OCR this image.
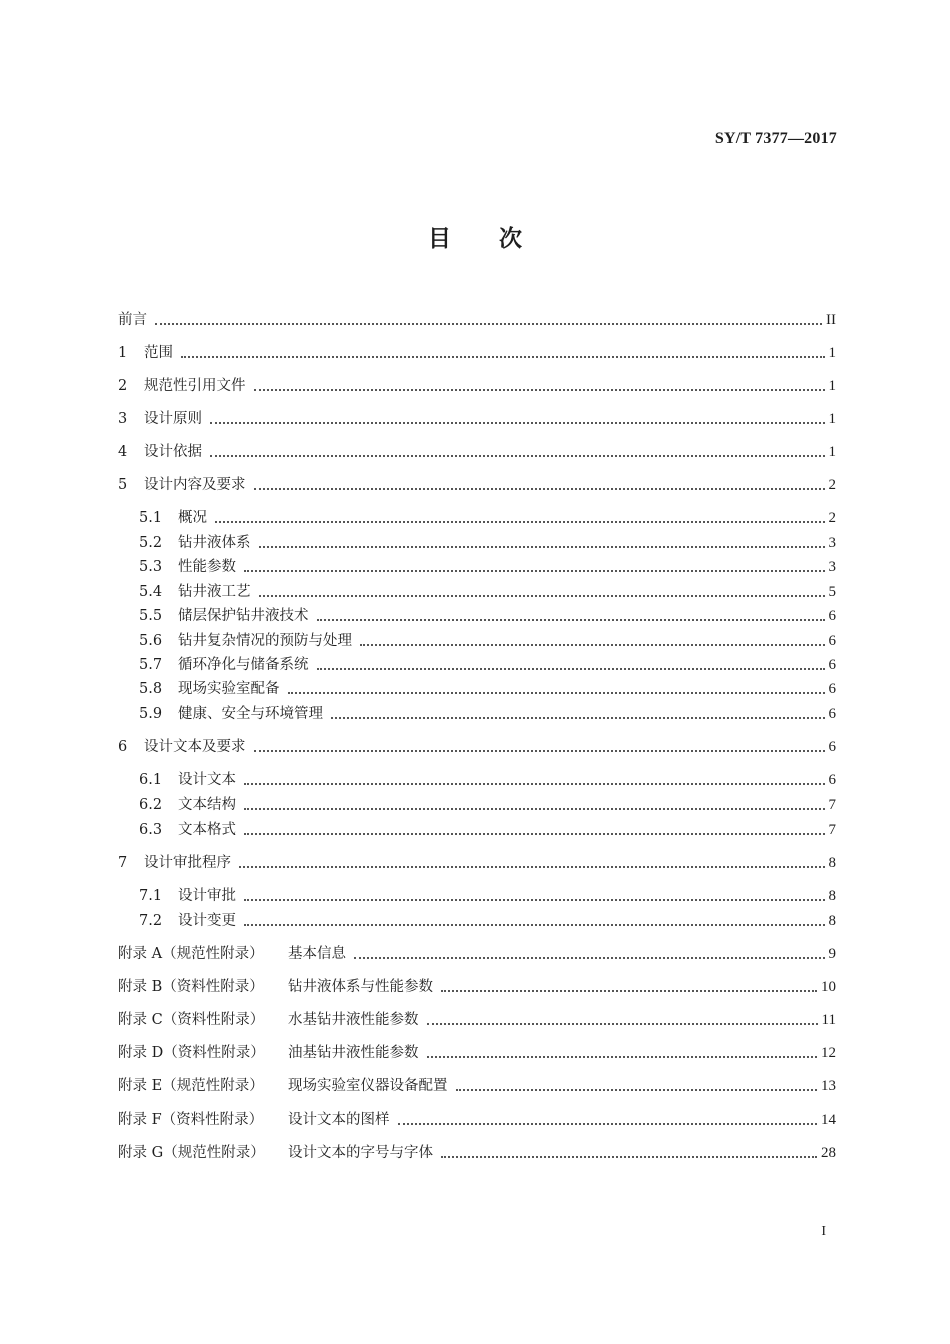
SY/T 7377—2017
目 次
前言	II
1	范围	1
2	规范性引用文件	1
3	设计原则	1
4	设计依据	1
5	设计内容及要求	2
5.1	概况	2
5.2	钻井液体系	3
5.3	性能参数	3
5.4	钻井液工艺	5
5.5	储层保护钻井液技术	6
5.6	钻井复杂情况的预防与处理	6
5.7	循环净化与储备系统	6
5.8	现场实验室配备	6
5.9	健康、安全与环境管理	6
6	设计文本及要求	6
6.1	设计文本	6
6.2	文本结构	7
6.3	文本格式	7
7	设计审批程序	8
7.1	设计审批	8
7.2	设计变更	8
附录 A（规范性附录）	基本信息	9
附录 B（资料性附录）	钻井液体系与性能参数	10
附录 C（资料性附录）	水基钻井液性能参数	11
附录 D（资料性附录）	油基钻井液性能参数	12
附录 E（规范性附录）	现场实验室仪器设备配置	13
附录 F（资料性附录）	设计文本的图样	14
附录 G（规范性附录）	设计文本的字号与字体	28
I
